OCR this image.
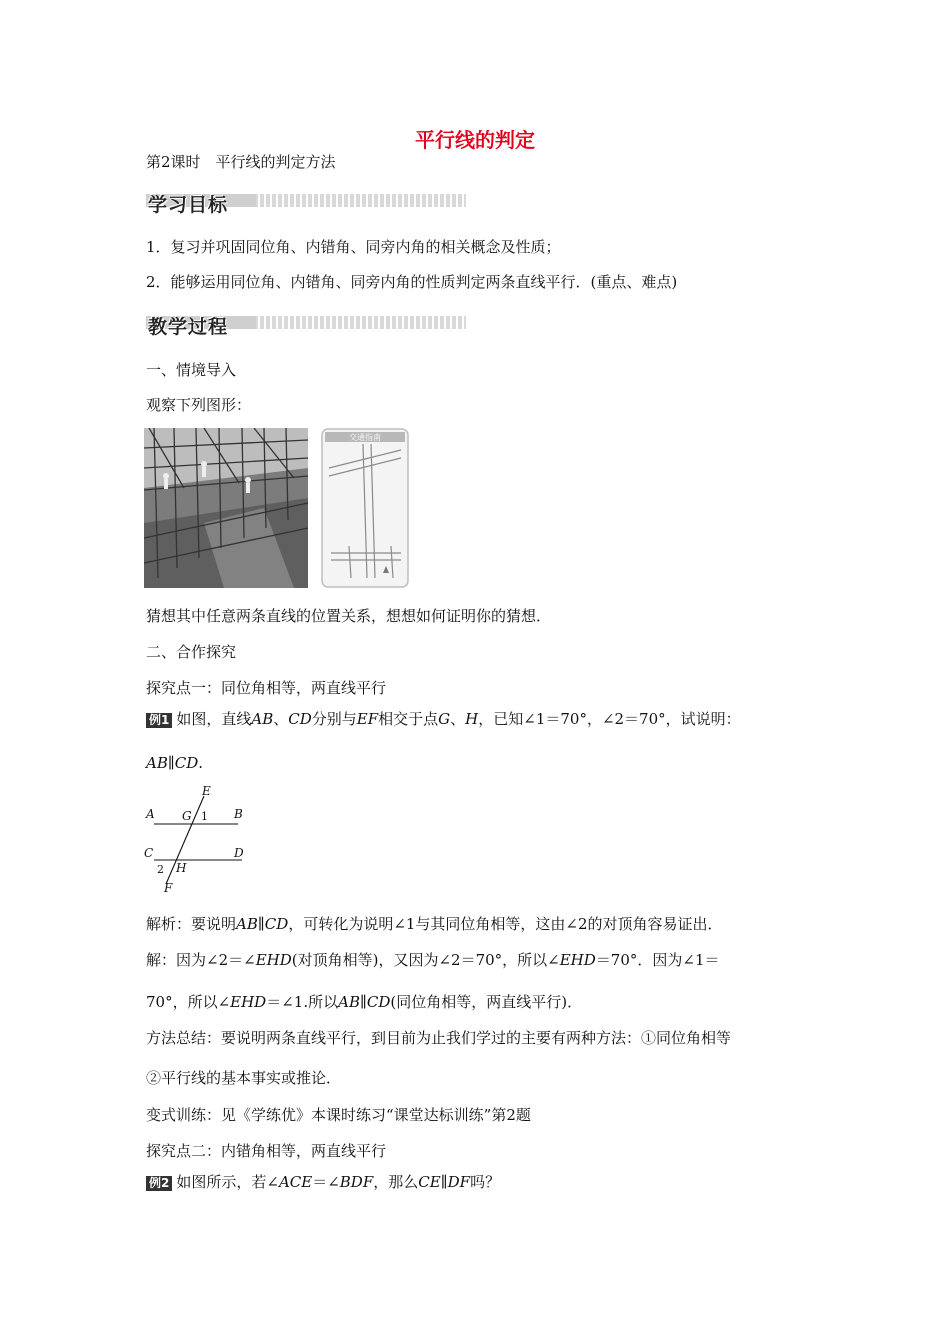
平行线的判定
第2课时　平行线的判定方法
学习目标
1．复习并巩固同位角、内错角、同旁内角的相关概念及性质；
2．能够运用同位角、内错角、同旁内角的性质判定两条直线平行．(重点、难点)
教学过程
一、情境导入
观察下列图形：
交通指南
猜想其中任意两条直线的位置关系，想想如何证明你的猜想．
二、合作探究
探究点一：同位角相等，两直线平行
例1 如图，直线AB、CD分别与EF相交于点G、H，已知∠1＝70°，∠2＝70°，试说明：
AB∥CD.
E
A G	B
C
H
D
F
1
2
解析：要说明AB∥CD，可转化为说明∠1与其同位角相等，这由∠2的对顶角容易证出．
解：因为∠2＝∠EHD(对顶角相等)，又因为∠2＝70°，所以∠EHD＝70°．因为∠1＝
70°，所以∠EHD＝∠1.所以AB∥CD(同位角相等，两直线平行)．
方法总结：要说明两条直线平行，到目前为止我们学过的主要有两种方法：①同位角相等
②平行线的基本事实或推论．
变式训练：见《学练优》本课时练习“课堂达标训练”第2题
探究点二：内错角相等，两直线平行
例2 如图所示，若∠ACE＝∠BDF，那么CE∥DF吗？
